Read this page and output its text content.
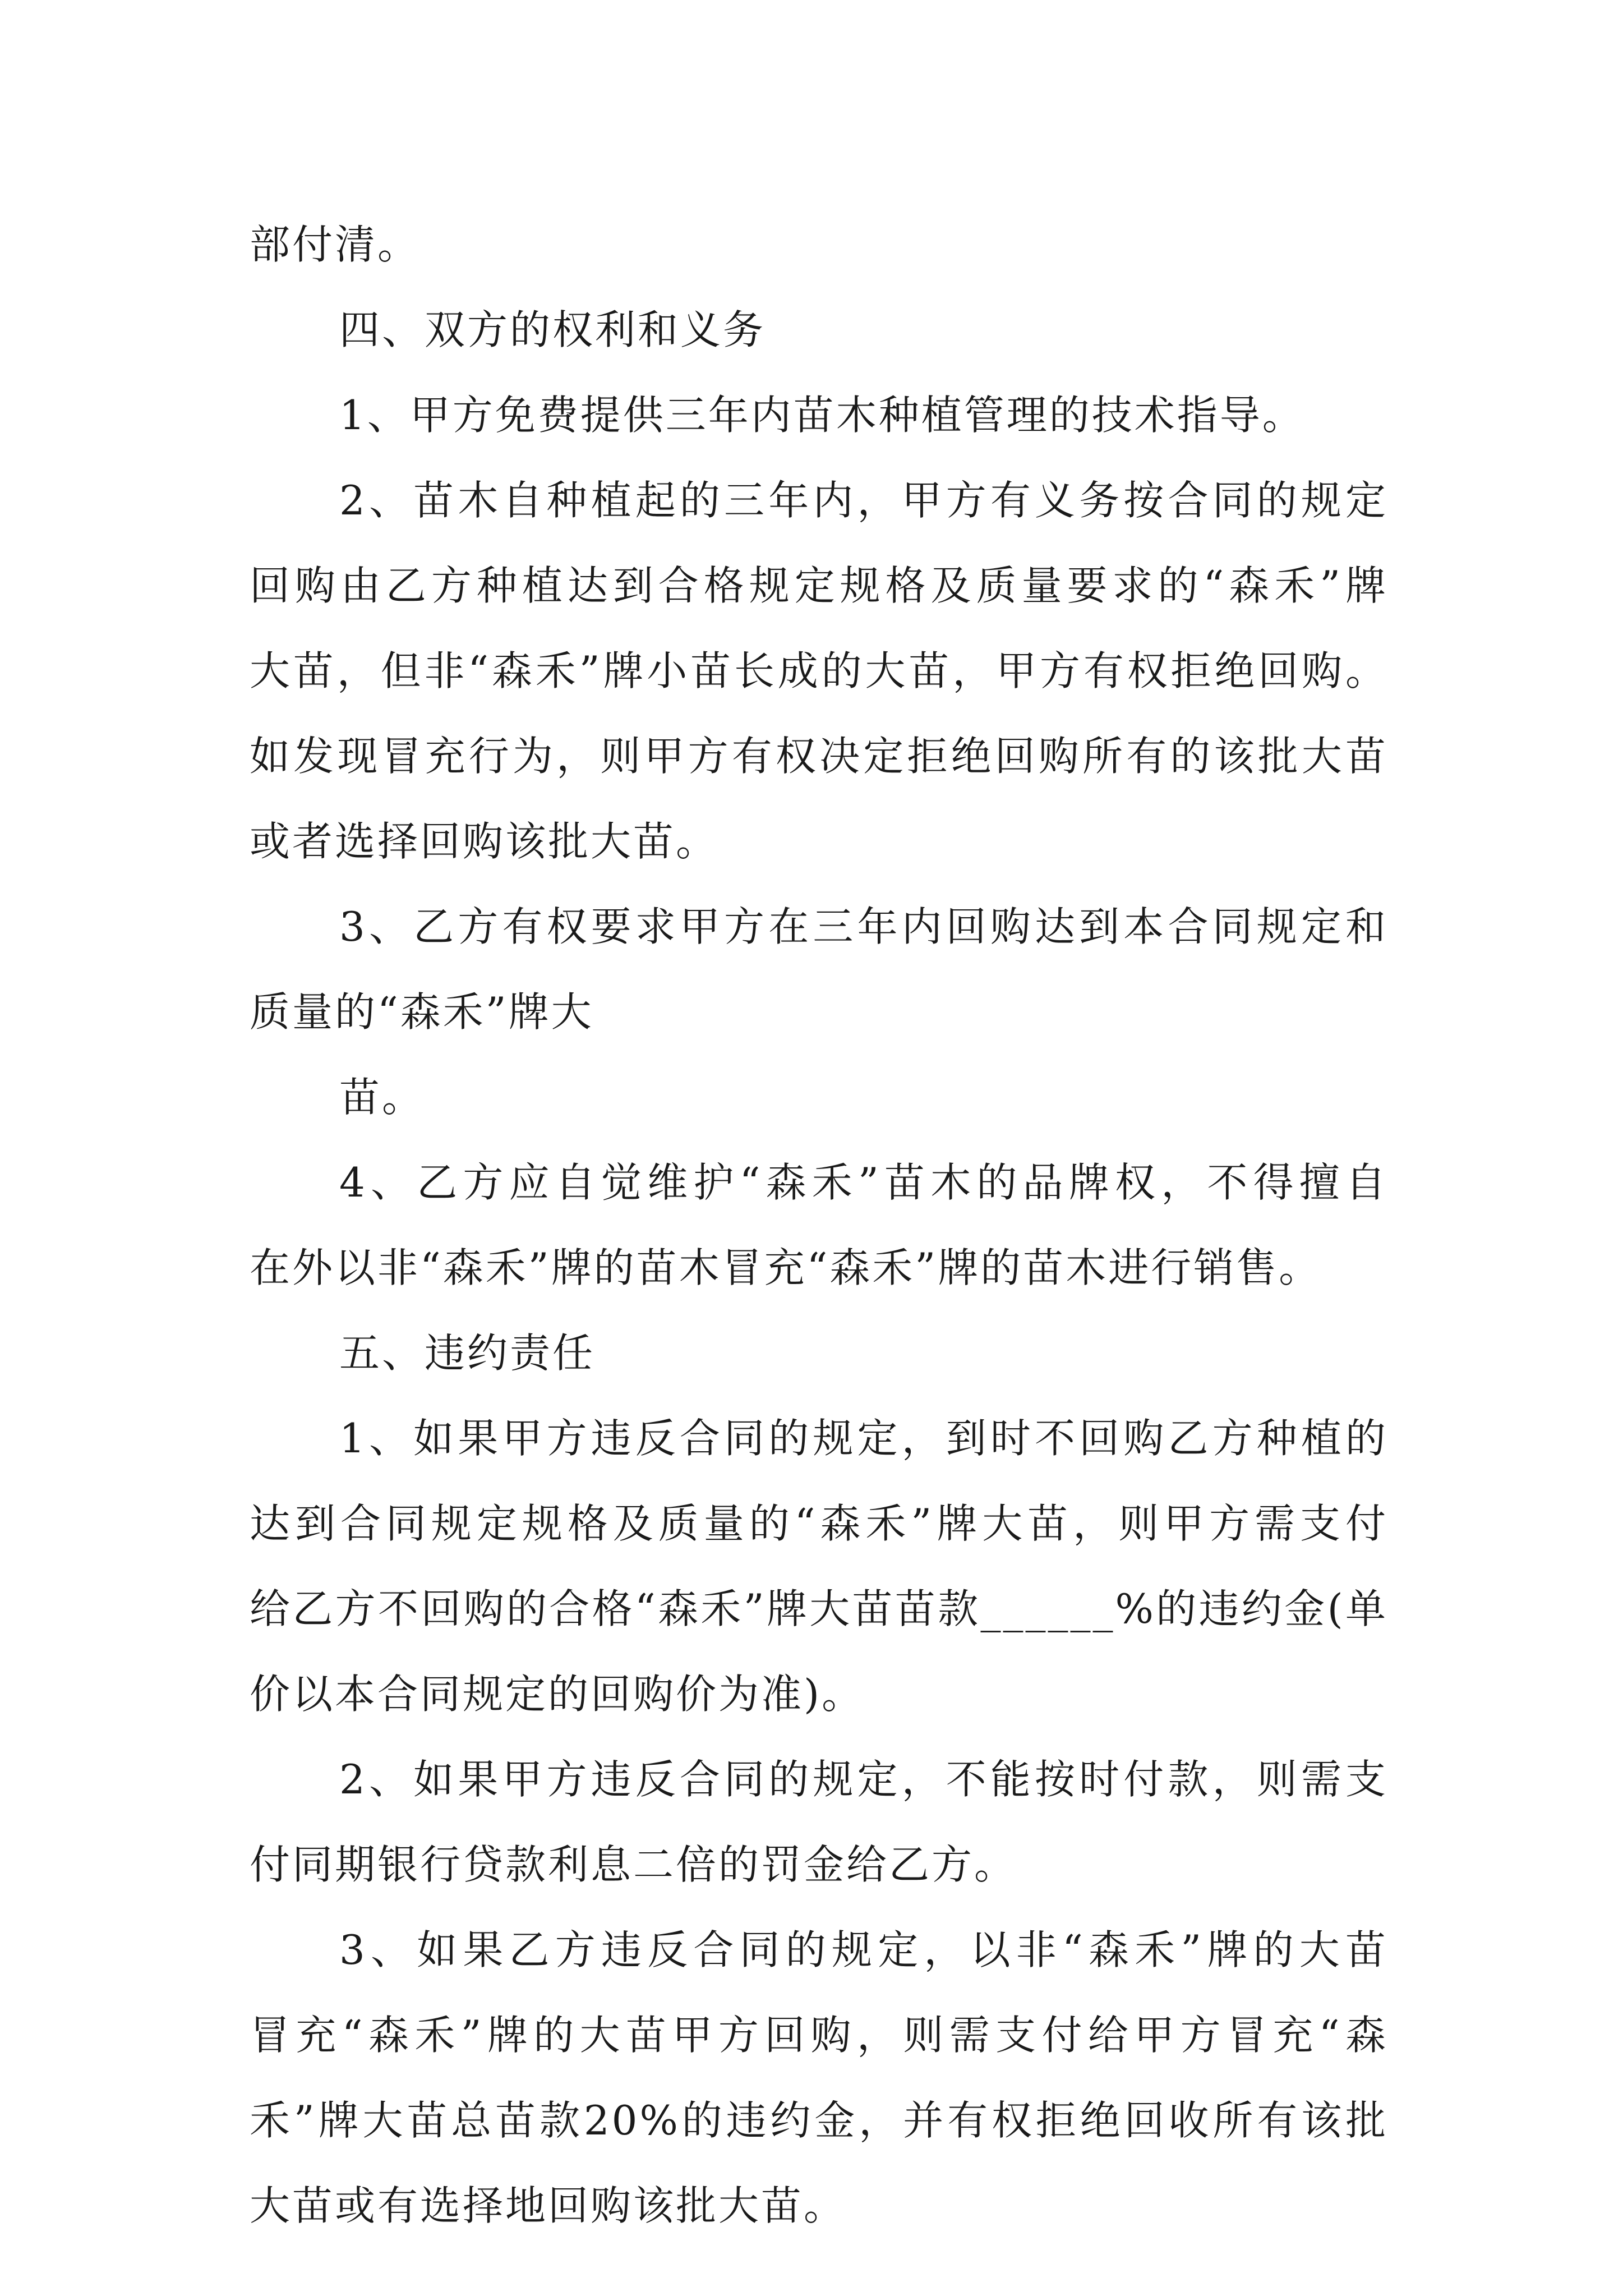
部付清。
四、双方的权利和义务
1、甲方免费提供三年内苗木种植管理的技术指导。
2、苗木自种植起的三年内，甲方有义务按合同的规定
回购由乙方种植达到合格规定规格及质量要求的“森禾”牌
大苗，但非“森禾”牌小苗长成的大苗，甲方有权拒绝回购。
如发现冒充行为，则甲方有权决定拒绝回购所有的该批大苗
或者选择回购该批大苗。
3、乙方有权要求甲方在三年内回购达到本合同规定和
质量的“森禾”牌大
苗。
4、乙方应自觉维护“森禾”苗木的品牌权，不得擅自
在外以非“森禾”牌的苗木冒充“森禾”牌的苗木进行销售。
五、违约责任
1、如果甲方违反合同的规定，到时不回购乙方种植的
达到合同规定规格及质量的“森禾”牌大苗，则甲方需支付
给乙方不回购的合格“森禾”牌大苗苗款______%的违约金(单
价以本合同规定的回购价为准)。
2、如果甲方违反合同的规定，不能按时付款，则需支
付同期银行贷款利息二倍的罚金给乙方。
3、如果乙方违反合同的规定，以非“森禾”牌的大苗
冒充“森禾”牌的大苗甲方回购，则需支付给甲方冒充“森
禾”牌大苗总苗款20%的违约金，并有权拒绝回收所有该批
大苗或有选择地回购该批大苗。
